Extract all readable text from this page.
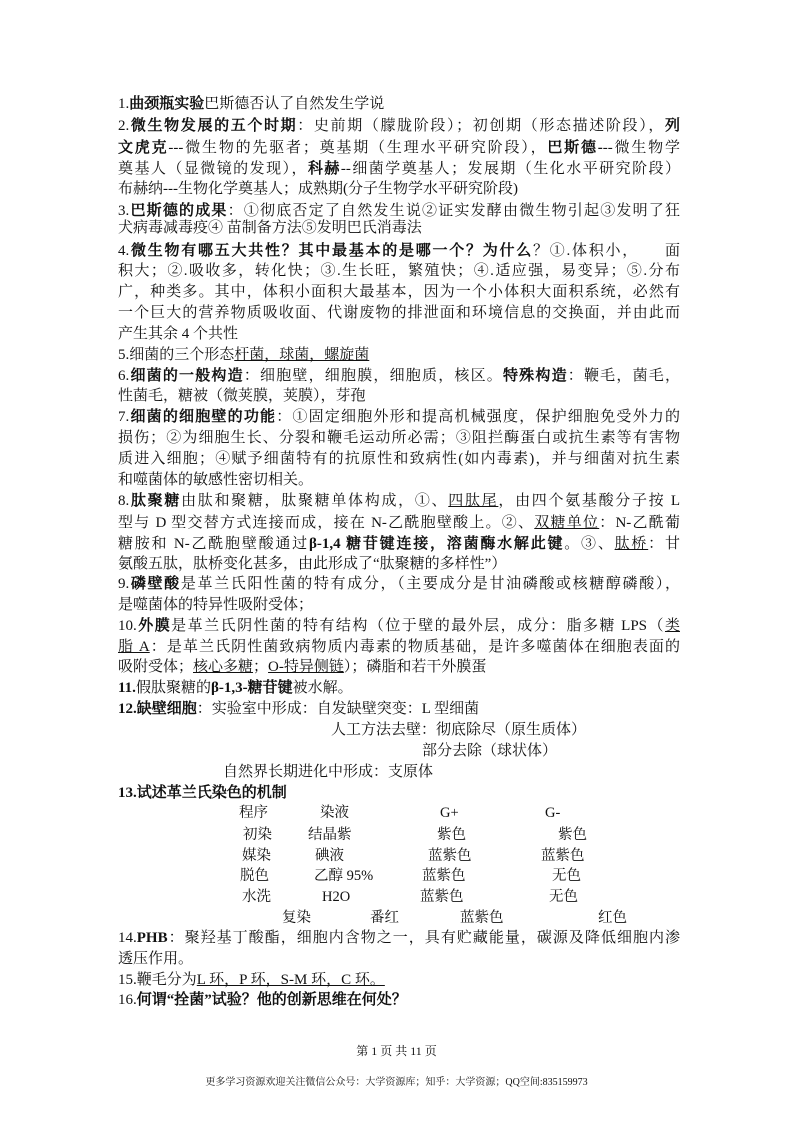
1.曲颈瓶实验巴斯德否认了自然发生学说
2.微生物发展的五个时期：史前期（朦胧阶段）；初创期（形态描述阶段），列
文虎克---微生物的先驱者；奠基期（生理水平研究阶段），巴斯德---微生物学
奠基人（显微镜的发现），科赫--细菌学奠基人；发展期（生化水平研究阶段）
布赫纳---生物化学奠基人；成熟期(分子生物学水平研究阶段)
3.巴斯德的成果：①彻底否定了自然发生说②证实发酵由微生物引起③发明了狂
犬病毒减毒疫④ 苗制备方法⑤发明巴氏消毒法
4.微生物有哪五大共性？其中最基本的是哪一个？为什么？①.体积小，　　面
积大；②.吸收多，转化快；③.生长旺，繁殖快；④.适应强，易变异；⑤.分布
广，种类多。其中，体积小面积大最基本，因为一个小体积大面积系统，必然有
一个巨大的营养物质吸收面、代谢废物的排泄面和环境信息的交换面，并由此而
产生其余 4 个共性
5.细菌的三个形态杆菌，球菌，螺旋菌
6.细菌的一般构造：细胞壁，细胞膜，细胞质，核区。特殊构造：鞭毛，菌毛，
性菌毛，糖被（微荚膜，荚膜），芽孢
7.细菌的细胞壁的功能：①固定细胞外形和提高机械强度，保护细胞免受外力的
损伤；②为细胞生长、分裂和鞭毛运动所必需；③阻拦酶蛋白或抗生素等有害物
质进入细胞；④赋予细菌特有的抗原性和致病性(如内毒素)，并与细菌对抗生素
和噬菌体的敏感性密切相关。
8.肽聚糖由肽和聚糖，肽聚糖单体构成，①、四肽尾，由四个氨基酸分子按 L
型与 D 型交替方式连接而成，接在 N-乙酰胞壁酸上。②、双糖单位：N-乙酰葡
糖胺和 N-乙酰胞壁酸通过β-1,4 糖苷键连接，溶菌酶水解此键。③、肽桥：甘
氨酸五肽，肽桥变化甚多，由此形成了“肽聚糖的多样性”）
9.磷壁酸是革兰氏阳性菌的特有成分，（主要成分是甘油磷酸或核糖醇磷酸），
是噬菌体的特异性吸附受体；
10.外膜是革兰氏阴性菌的特有结构（位于壁的最外层，成分：脂多糖 LPS（类
脂 A：是革兰氏阴性菌致病物质内毒素的物质基础，是许多噬菌体在细胞表面的
吸附受体；核心多糖；O-特异侧链）；磷脂和若干外膜蛋
11.假肽聚糖的β-1,3-糖苷键被水解。
12.缺壁细胞：实验室中形成：自发缺壁突变：L 型细菌
人工方法去壁：彻底除尽（原生质体）
部分去除（球状体）
自然界长期进化中形成：支原体
13.试述革兰氏染色的机制
14.PHB：聚羟基丁酸酯，细胞内含物之一，具有贮藏能量，碳源及降低细胞内渗
透压作用。
15.鞭毛分为L 环，P 环，S-M 环，C 环。
16.何谓“拴菌”试验？他的创新思维在何处？
程序	染液	G+	G-
初染 结晶紫	紫色	紫色
媒染	碘液	蓝紫色	蓝紫色
脱色	乙醇 95%	蓝紫色	无色
水洗	H2O	蓝紫色	无色
复染	番红	蓝紫色	红色
第 1 页 共 11 页
更多学习资源欢迎关注微信公众号：大学资源库；知乎：大学资源；QQ空间:835159973
